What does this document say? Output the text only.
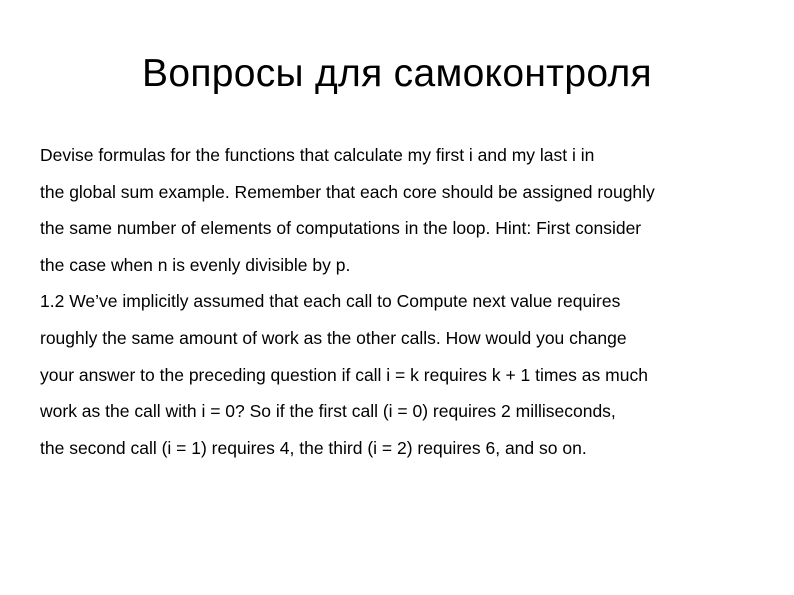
Вопросы для самоконтроля

Devise formulas for the functions that calculate my first i and my last i in

the global sum example. Remember that each core should be assigned roughly

the same number of elements of computations in the loop. Hint: First consider

the case when n is evenly divisible by p.

1.2 We’ve implicitly assumed that each call to Compute next value requires

roughly the same amount of work as the other calls. How would you change

your answer to the preceding question if call i = k requires k + 1 times as much

work as the call with i = 0? So if the first call (i = 0) requires 2 milliseconds,

the second call (i = 1) requires 4, the third (i = 2) requires 6, and so on.
